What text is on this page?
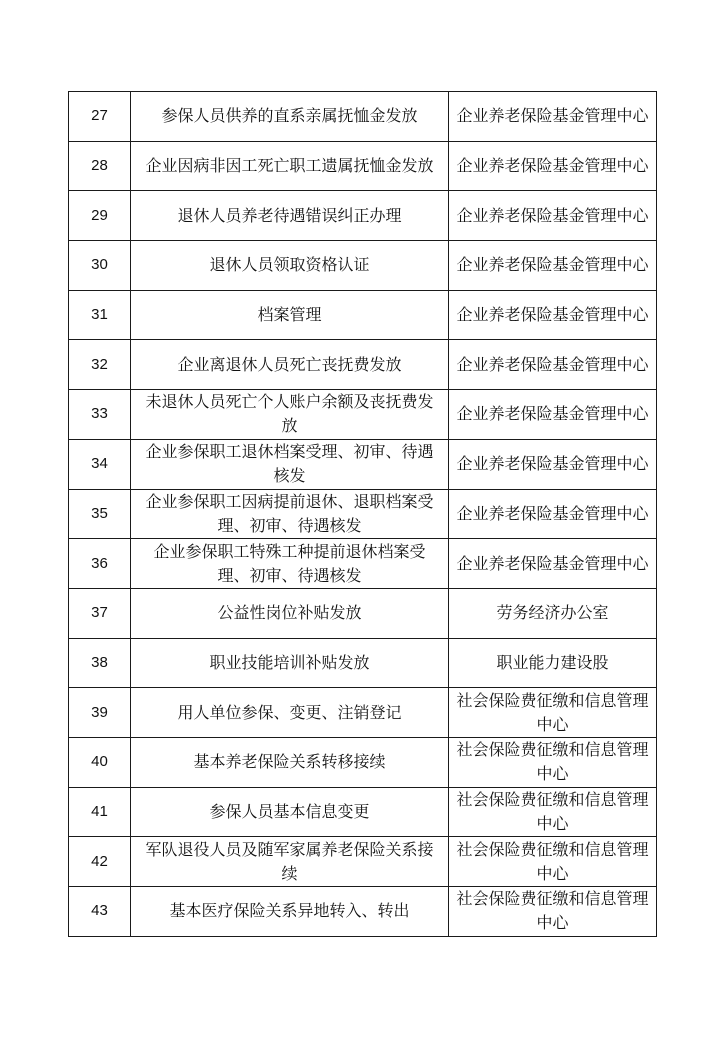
27	参保人员供养的直系亲属抚恤金发放	企业养老保险基金管理中心
28	企业因病非因工死亡职工遗属抚恤金发放	企业养老保险基金管理中心
29	退休人员养老待遇错误纠正办理	企业养老保险基金管理中心
30	退休人员领取资格认证	企业养老保险基金管理中心
31	档案管理	企业养老保险基金管理中心
32	企业离退休人员死亡丧抚费发放	企业养老保险基金管理中心
33	未退休人员死亡个人账户余额及丧抚费发放	企业养老保险基金管理中心
34	企业参保职工退休档案受理、初审、待遇核发	企业养老保险基金管理中心
35	企业参保职工因病提前退休、退职档案受理、初审、待遇核发	企业养老保险基金管理中心
36	企业参保职工特殊工种提前退休档案受理、初审、待遇核发	企业养老保险基金管理中心
37	公益性岗位补贴发放	劳务经济办公室
38	职业技能培训补贴发放	职业能力建设股
39	用人单位参保、变更、注销登记	社会保险费征缴和信息管理中心
40	基本养老保险关系转移接续	社会保险费征缴和信息管理中心
41	参保人员基本信息变更	社会保险费征缴和信息管理中心
42	军队退役人员及随军家属养老保险关系接续	社会保险费征缴和信息管理中心
43	基本医疗保险关系异地转入、转出	社会保险费征缴和信息管理中心
